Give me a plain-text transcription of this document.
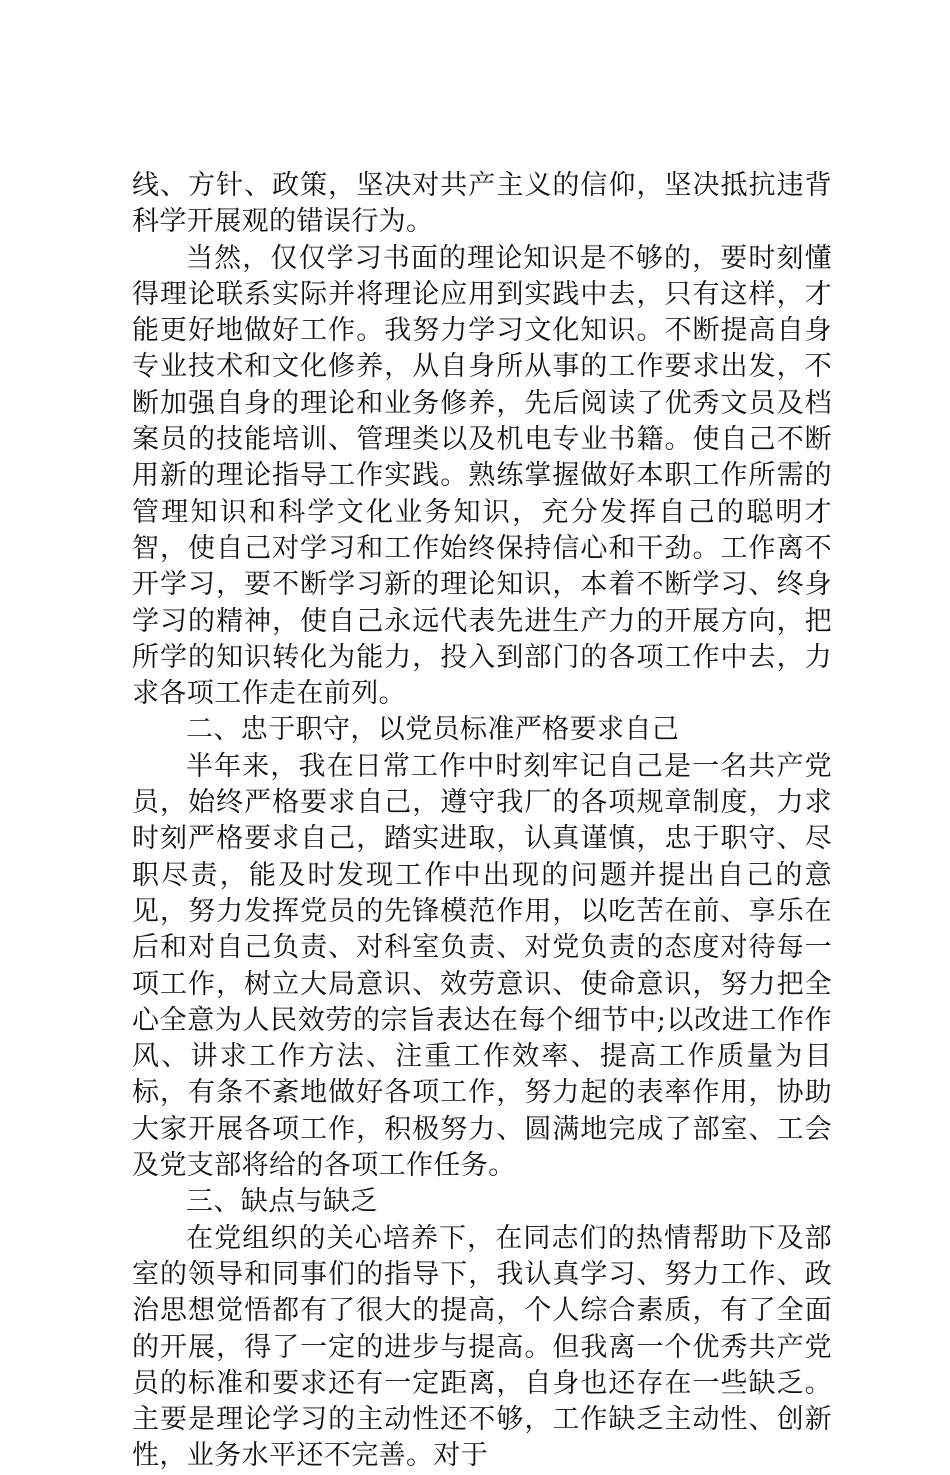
线、方针、政策，坚决对共产主义的信仰，坚决抵抗违背科学开展观的错误行为。

当然，仅仅学习书面的理论知识是不够的，要时刻懂得理论联系实际并将理论应用到实践中去，只有这样，才能更好地做好工作。我努力学习文化知识。不断提高自身专业技术和文化修养，从自身所从事的工作要求出发，不断加强自身的理论和业务修养，先后阅读了优秀文员及档案员的技能培训、管理类以及机电专业书籍。使自己不断用新的理论指导工作实践。熟练掌握做好本职工作所需的管理知识和科学文化业务知识，充分发挥自己的聪明才智，使自己对学习和工作始终保持信心和干劲。工作离不开学习，要不断学习新的理论知识，本着不断学习、终身学习的精神，使自己永远代表先进生产力的开展方向，把所学的知识转化为能力，投入到部门的各项工作中去，力求各项工作走在前列。

二、忠于职守，以党员标准严格要求自己

半年来，我在日常工作中时刻牢记自己是一名共产党员，始终严格要求自己，遵守我厂的各项规章制度，力求时刻严格要求自己，踏实进取，认真谨慎，忠于职守、尽职尽责，能及时发现工作中出现的问题并提出自己的意见，努力发挥党员的先锋模范作用，以吃苦在前、享乐在后和对自己负责、对科室负责、对党负责的态度对待每一项工作，树立大局意识、效劳意识、使命意识，努力把全心全意为人民效劳的宗旨表达在每个细节中;以改进工作作风、讲求工作方法、注重工作效率、提高工作质量为目标，有条不紊地做好各项工作，努力起的表率作用，协助大家开展各项工作，积极努力、圆满地完成了部室、工会及党支部将给的各项工作任务。

三、缺点与缺乏

在党组织的关心培养下，在同志们的热情帮助下及部室的领导和同事们的指导下，我认真学习、努力工作、政治思想觉悟都有了很大的提高，个人综合素质，有了全面的开展，得了一定的进步与提高。但我离一个优秀共产党员的标准和要求还有一定距离，自身也还存在一些缺乏。主要是理论学习的主动性还不够，工作缺乏主动性、创新性，业务水平还不完善。对于
